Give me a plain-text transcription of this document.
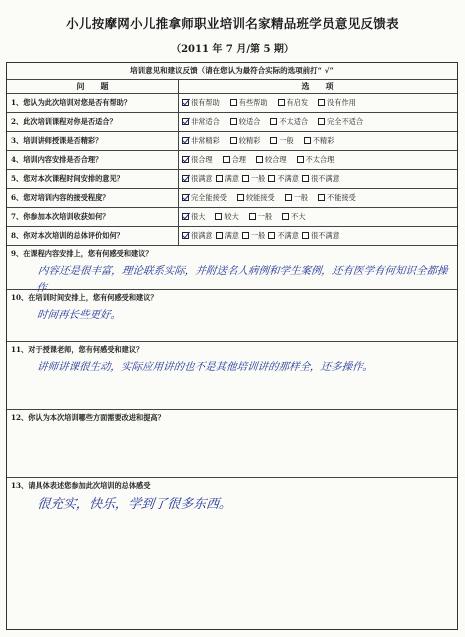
小儿按摩网小儿推拿师职业培训名家精品班学员意见反馈表
（2011 年 7 月/第 5 期）
培训意见和建议反馈（请在您认为最符合实际的选项前打“ √”
问　　题	选　　项
1、您认为此次培训对您是否有帮助？	很有帮助	有些帮助	有启发	没有作用
2、此次培训课程对你是否适合？	非常适合	较适合	不太适合	完全不适合
3、培训讲师授课是否精彩？	非常精彩	较精彩	一般	不精彩
4、培训内容安排是否合理？	很合理	合理	较合理	不太合理
5、您对本次课程时间安排的意见？	很满意 满意 一般 不满意 很不满意
6、您对培训内容的接受程度？	完全能接受	较能接受	一般	不能接受
7、你参加本次培训收获如何？	很大	较大	一般	不大
8、你对本次培训的总体评价如何？	很满意 满意 一般 不满意 很不满意
9、在课程内容安排上，您有何感受和建议？
内容还是很丰富，理论联系实际，并附送名人病例和学生案例，还有医学有何知识全都操作
10、在培训时间安排上，您有何感受和建议？
时间再长些更好。
11、对于授课老师，您有何感受和建议？
讲师讲课很生动，实际应用讲的也不是其他培训讲的那样全，还多操作。
12、你认为本次培训哪些方面需要改进和提高？
13、请具体表述您参加此次培训的总体感受
很充实，快乐，学到了很多东西。
